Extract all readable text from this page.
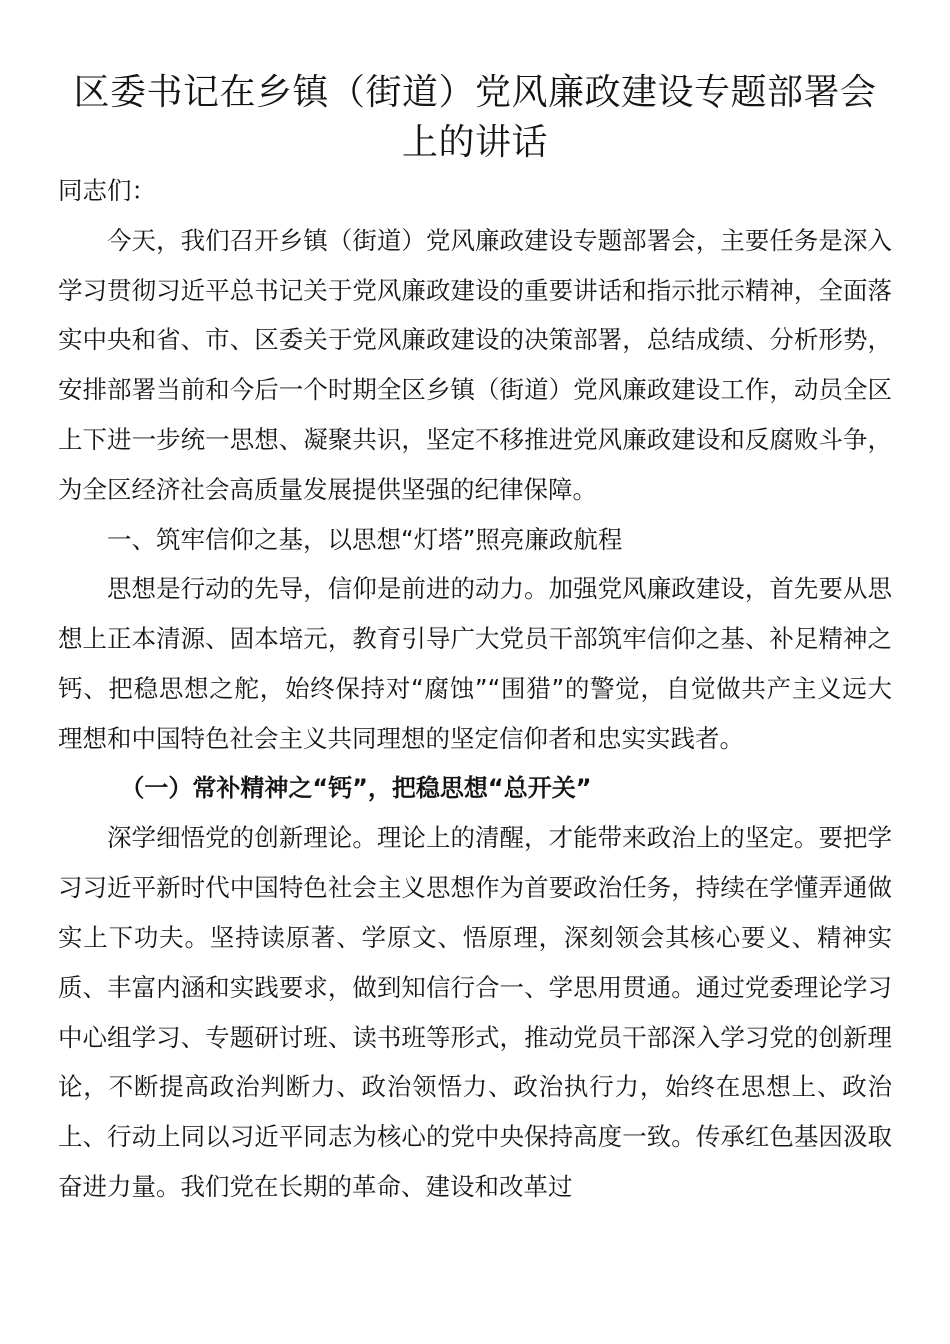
区委书记在乡镇（街道）党风廉政建设专题部署会上的讲话

同志们：

今天，我们召开乡镇（街道）党风廉政建设专题部署会，主要任务是深入学习贯彻习近平总书记关于党风廉政建设的重要讲话和指示批示精神，全面落实中央和省、市、区委关于党风廉政建设的决策部署，总结成绩、分析形势，安排部署当前和今后一个时期全区乡镇（街道）党风廉政建设工作，动员全区上下进一步统一思想、凝聚共识，坚定不移推进党风廉政建设和反腐败斗争，为全区经济社会高质量发展提供坚强的纪律保障。

一、筑牢信仰之基，以思想“灯塔”照亮廉政航程

思想是行动的先导，信仰是前进的动力。加强党风廉政建设，首先要从思想上正本清源、固本培元，教育引导广大党员干部筑牢信仰之基、补足精神之钙、把稳思想之舵，始终保持对“腐蚀”“围猎”的警觉，自觉做共产主义远大理想和中国特色社会主义共同理想的坚定信仰者和忠实实践者。

（一）常补精神之“钙”，把稳思想“总开关”

深学细悟党的创新理论。理论上的清醒，才能带来政治上的坚定。要把学习习近平新时代中国特色社会主义思想作为首要政治任务，持续在学懂弄通做实上下功夫。坚持读原著、学原文、悟原理，深刻领会其核心要义、精神实质、丰富内涵和实践要求，做到知信行合一、学思用贯通。通过党委理论学习中心组学习、专题研讨班、读书班等形式，推动党员干部深入学习党的创新理论，不断提高政治判断力、政治领悟力、政治执行力，始终在思想上、政治上、行动上同以习近平同志为核心的党中央保持高度一致。传承红色基因汲取奋进力量。我们党在长期的革命、建设和改革过
